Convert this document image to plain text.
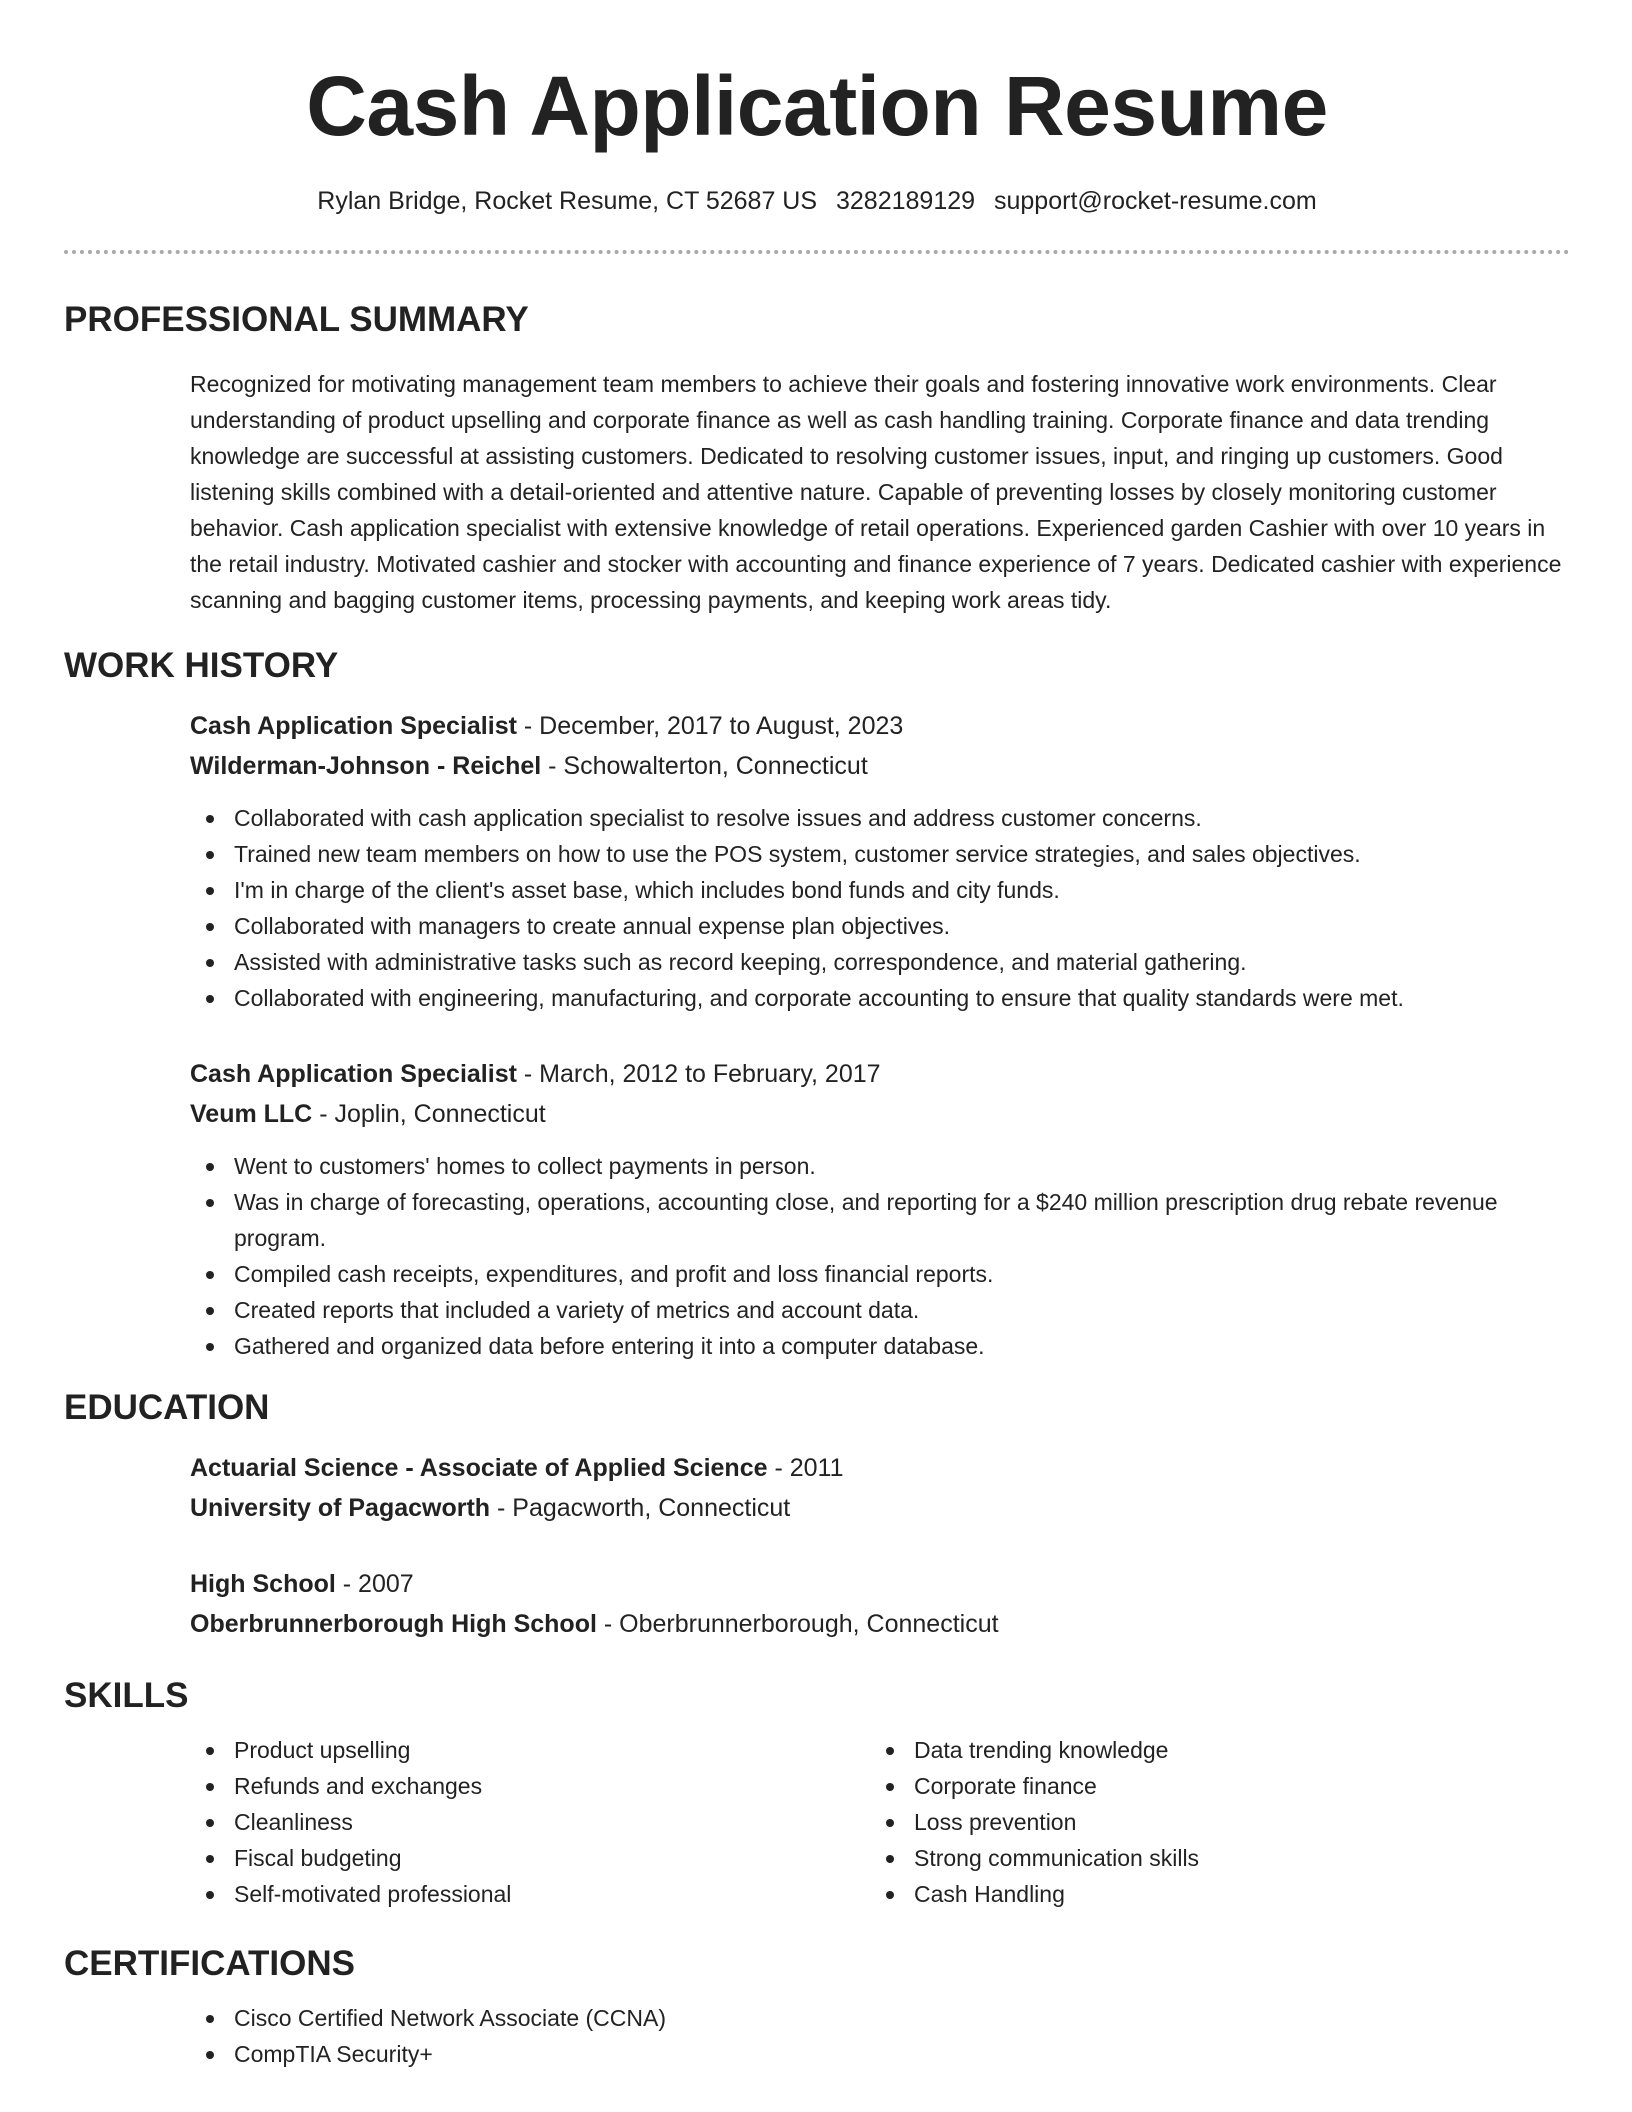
Cash Application Resume
Rylan Bridge, Rocket Resume, CT 52687 US 3282189129 support@rocket-resume.com
PROFESSIONAL SUMMARY
Recognized for motivating management team members to achieve their goals and fostering innovative work environments. Clear understanding of product upselling and corporate finance as well as cash handling training. Corporate finance and data trending knowledge are successful at assisting customers. Dedicated to resolving customer issues, input, and ringing up customers. Good listening skills combined with a detail-oriented and attentive nature. Capable of preventing losses by closely monitoring customer behavior. Cash application specialist with extensive knowledge of retail operations. Experienced garden Cashier with over 10 years in the retail industry. Motivated cashier and stocker with accounting and finance experience of 7 years. Dedicated cashier with experience scanning and bagging customer items, processing payments, and keeping work areas tidy.
WORK HISTORY
Cash Application Specialist - December, 2017 to August, 2023
Wilderman-Johnson - Reichel - Schowalterton, Connecticut
Collaborated with cash application specialist to resolve issues and address customer concerns.
Trained new team members on how to use the POS system, customer service strategies, and sales objectives.
I'm in charge of the client's asset base, which includes bond funds and city funds.
Collaborated with managers to create annual expense plan objectives.
Assisted with administrative tasks such as record keeping, correspondence, and material gathering.
Collaborated with engineering, manufacturing, and corporate accounting to ensure that quality standards were met.
Cash Application Specialist - March, 2012 to February, 2017
Veum LLC - Joplin, Connecticut
Went to customers' homes to collect payments in person.
Was in charge of forecasting, operations, accounting close, and reporting for a $240 million prescription drug rebate revenue program.
Compiled cash receipts, expenditures, and profit and loss financial reports.
Created reports that included a variety of metrics and account data.
Gathered and organized data before entering it into a computer database.
EDUCATION
Actuarial Science - Associate of Applied Science - 2011
University of Pagacworth - Pagacworth, Connecticut
High School - 2007
Oberbrunnerborough High School - Oberbrunnerborough, Connecticut
SKILLS
Product upselling
Refunds and exchanges
Cleanliness
Fiscal budgeting
Self-motivated professional
Data trending knowledge
Corporate finance
Loss prevention
Strong communication skills
Cash Handling
CERTIFICATIONS
Cisco Certified Network Associate (CCNA)
CompTIA Security+
